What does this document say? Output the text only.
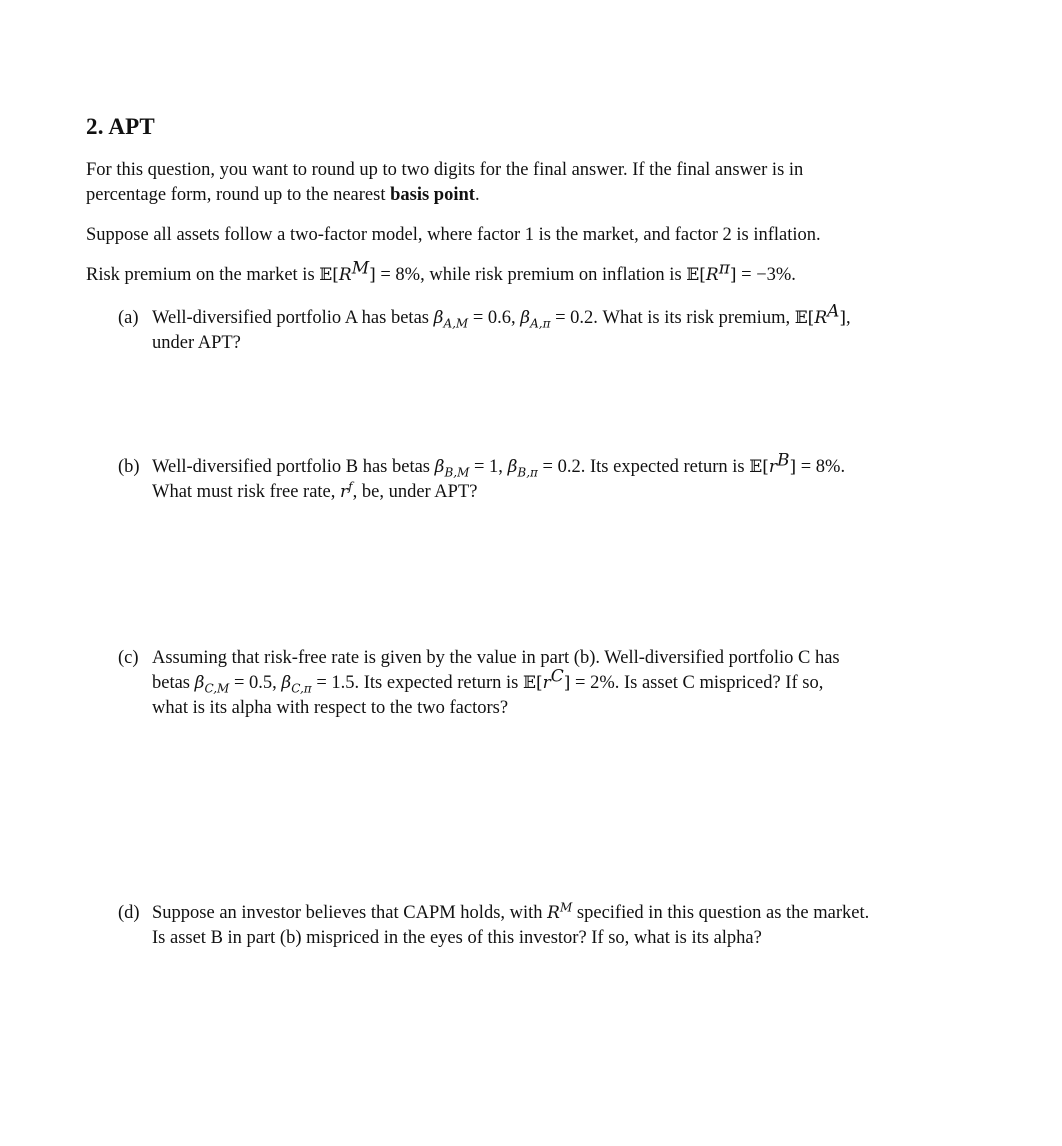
2. APT
For this question, you want to round up to two digits for the final answer. If the final answer is in
percentage form, round up to the nearest basis point.
Suppose all assets follow a two-factor model, where factor 1 is the market, and factor 2 is inflation.
Risk premium on the market is $𝔼[R^M] = 8\%$, while risk premium on inflation is $𝔼[R^\pi] = -3\%$.
(a) Well-diversified portfolio A has betas $\beta_{A,M} = 0.6$, $\beta_{A,\pi} = 0.2$. What is its risk premium, $𝔼[R^A]$,
under APT?
(b) Well-diversified portfolio B has betas $\beta_{B,M} = 1$, $\beta_{B,\pi} = 0.2$. Its expected return is $𝔼[r^B] = 8\%$.
What must risk free rate, $r^f$, be, under APT?
(c) Assuming that risk-free rate is given by the value in part (b). Well-diversified portfolio C has
betas $\beta_{C,M} = 0.5$, $\beta_{C,\pi} = 1.5$. Its expected return is $𝔼[r^C] = 2\%$. Is asset C mispriced? If so,
what is its alpha with respect to the two factors?
(d) Suppose an investor believes that CAPM holds, with $R^M$ specified in this question as the market.
Is asset B in part (b) mispriced in the eyes of this investor? If so, what is its alpha?
